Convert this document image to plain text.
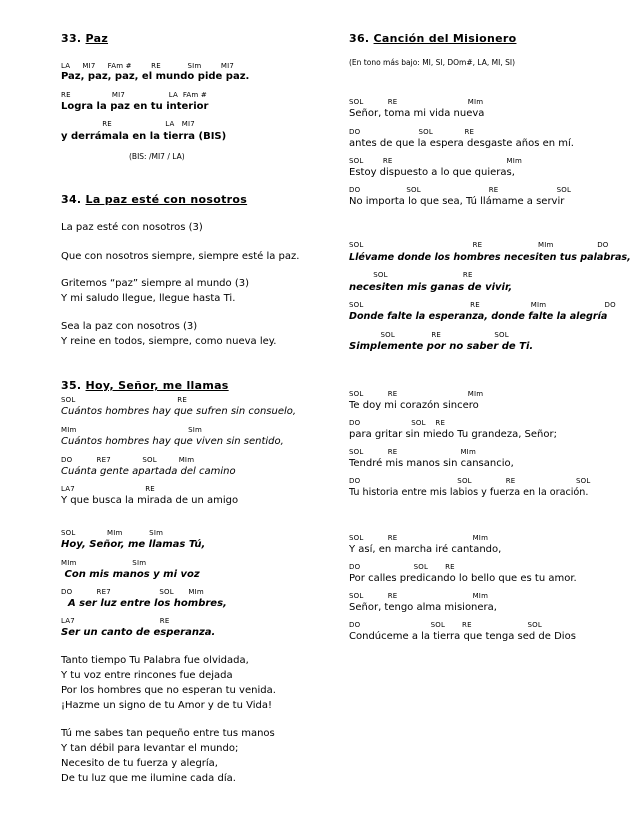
33. Paz
LA     MI7     FAm #        RE           SIm        MI7
Paz, paz, paz, el mundo pide paz.
RE                 MI7                  LA  FAm #
Logra la paz en tu interior
RE                      LA   MI7
y derrámala en la tierra (BIS)
(BIS: /MI7 / LA)
34. La paz esté con nosotros
La paz esté con nosotros (3)
Que con nosotros siempre, siempre esté la paz.
Gritemos “paz” siempre al mundo (3)
Y mi saludo llegue, llegue hasta Ti.
Sea la paz con nosotros (3)
Y reine en todos, siempre, como nueva ley.
35. Hoy, Señor, me llamas
SOL                                          RE
Cuántos hombres hay que sufren sin consuelo,
MIm                                              SIm
Cuántos hombres hay que viven sin sentido,
DO          RE7             SOL         MIm
Cuánta gente apartada del camino
LA7                             RE
Y que busca la mirada de un amigo
SOL             MIm           SIm
Hoy, Señor, me llamas Tú,
MIm                       SIm
Con mis manos y mi voz
DO          RE7                    SOL      MIm
A ser luz entre los hombres,
LA7                                   RE
Ser un canto de esperanza.
Tanto tiempo Tu Palabra fue olvidada,
Y tu voz entre rincones fue dejada
Por los hombres que no esperan tu venida.
¡Hazme un signo de tu Amor y de tu Vida!
Tú me sabes tan pequeño entre tus manos
Y tan débil para levantar el mundo;
Necesito de tu fuerza y alegría,
De tu luz que me ilumine cada día.
36. Canción del Misionero
(En tono más bajo: MI, SI, DOm#, LA, MI, SI)
SOL          RE                             MIm
Señor, toma mi vida nueva
DO                        SOL             RE
antes de que la espera desgaste años en mí.
SOL        RE                                               MIm
Estoy dispuesto a lo que quieras,
DO                   SOL                            RE                        SOL
No importa lo que sea, Tú llámame a servir
SOL                                             RE                       MIm                  DO
Llévame donde los hombres necesiten tus palabras,
SOL                               RE
necesiten mis ganas de vivir,
SOL                                            RE                     MIm                        DO
Donde falte la esperanza, donde falte la alegría
SOL               RE                      SOL
Simplemente por no saber de Ti.
SOL          RE                             MIm
Te doy mi corazón sincero
DO                     SOL    RE
para gritar sin miedo Tu grandeza, Señor;
SOL          RE                          MIm
Tendré mis manos sin cansancio,
DO                                        SOL              RE                         SOL
Tu historia entre mis labios y fuerza en la oración.
SOL          RE                               MIm
Y así, en marcha iré cantando,
DO                      SOL       RE
Por calles predicando lo bello que es tu amor.
SOL          RE                               MIm
Señor, tengo alma misionera,
DO                             SOL       RE                       SOL
Condúceme a la tierra que tenga sed de Dios
